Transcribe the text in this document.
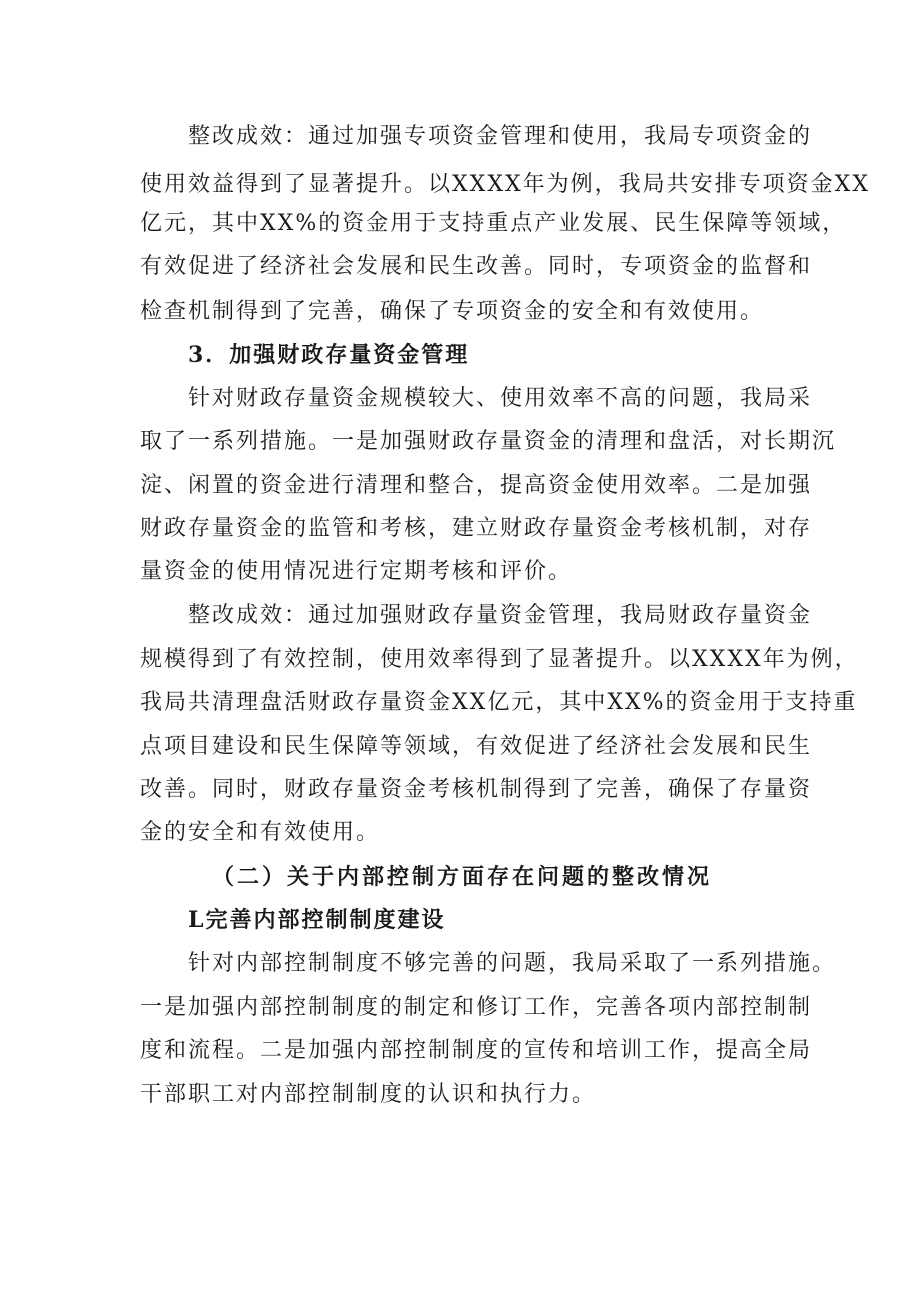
整改成效：通过加强专项资金管理和使用，我局专项资金的
使用效益得到了显著提升。以XXXX年为例，我局共安排专项资金XX
亿元，其中XX%的资金用于支持重点产业发展、民生保障等领域，
有效促进了经济社会发展和民生改善。同时，专项资金的监督和
检查机制得到了完善，确保了专项资金的安全和有效使用。
3．加强财政存量资金管理
针对财政存量资金规模较大、使用效率不高的问题，我局采
取了一系列措施。一是加强财政存量资金的清理和盘活，对长期沉
淀、闲置的资金进行清理和整合，提高资金使用效率。二是加强
财政存量资金的监管和考核，建立财政存量资金考核机制，对存
量资金的使用情况进行定期考核和评价。
整改成效：通过加强财政存量资金管理，我局财政存量资金
规模得到了有效控制，使用效率得到了显著提升。以XXXX年为例，
我局共清理盘活财政存量资金XX亿元，其中XX%的资金用于支持重
点项目建设和民生保障等领域，有效促进了经济社会发展和民生
改善。同时，财政存量资金考核机制得到了完善，确保了存量资
金的安全和有效使用。
（二）关于内部控制方面存在问题的整改情况
L完善内部控制制度建设
针对内部控制制度不够完善的问题，我局采取了一系列措施。
一是加强内部控制制度的制定和修订工作，完善各项内部控制制
度和流程。二是加强内部控制制度的宣传和培训工作，提高全局
干部职工对内部控制制度的认识和执行力。
